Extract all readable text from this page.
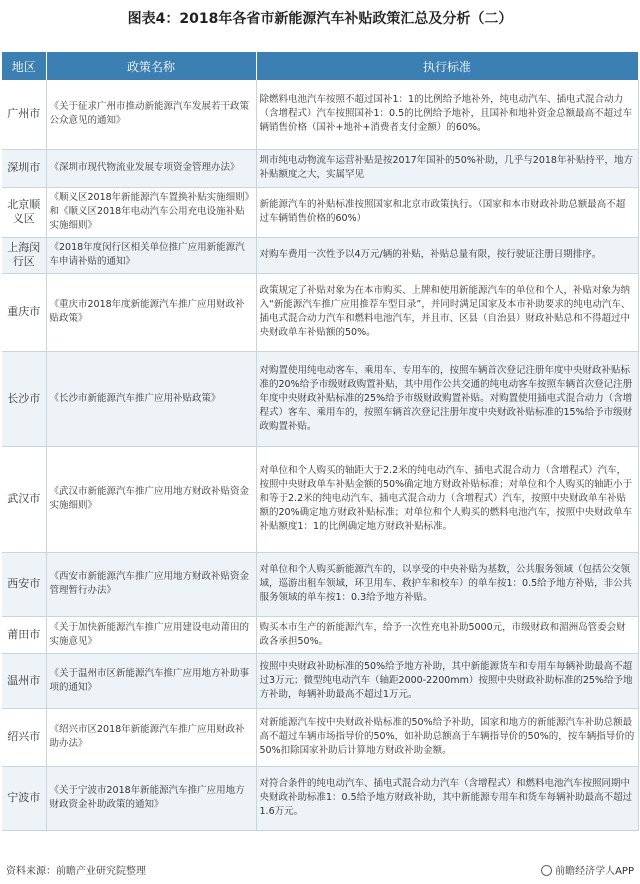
图表4：2018年各省市新能源汽车补贴政策汇总及分析（二）
地区	政策名称	执行标准
广州市	《关于征求广州市推动新能源汽车发展若干政策公众意见的通知》	除燃料电池汽车按照不超过国补1：1的比例给予地补外，纯电动汽车、插电式混合动力（含增程式）汽车按照国补1：0.5的比例给予地补，且国补和地补资金总额最高不超过车辆销售价格（国补+地补+消费者支付金额）的60%。
深圳市	《深圳市现代物流业发展专项资金管理办法》	圳市纯电动物流车运营补贴是按2017年国补的50%补助，几乎与2018年补贴持平，地方补贴额度之大，实属罕见
北京顺义区	《顺义区2018年新能源汽车置换补贴实施细则》和《顺义区2018年电动汽车公用充电设施补贴实施细则》	新能源汽车的补贴标准按照国家和北京市政策执行。（国家和本市财政补助总额最高不超过车辆销售价格的60%）
上海闵行区	《2018年度闵行区相关单位推广应用新能源汽车申请补贴的通知》	对购车费用一次性予以4万元/辆的补贴，补贴总量有限，按行驶证注册日期排序。
重庆市	《重庆市2018年度新能源汽车推广应用财政补贴政策》	政策规定了补贴对象为在本市购买、上牌和使用新能源汽车的单位和个人，补贴对象为纳入“新能源汽车推广应用推荐车型目录”，并同时满足国家及本市补助要求的纯电动汽车、插电式混合动力汽车和燃料电池汽车，并且市、区县（自治县）财政补贴总和不得超过中央财政单车补贴额的50%。
长沙市	《长沙市新能源汽车推广应用补贴政策》	对购置使用纯电动客车、乘用车、专用车的，按照车辆首次登记注册年度中央财政补贴标准的20%给予市级财政购置补贴，其中用作公共交通的纯电动客车按照车辆首次登记注册年度中央财政补贴标准的25%给予市级财政购置补贴。对购置使用插电式混合动力（含增程式）客车、乘用车的，按照车辆首次登记注册年度中央财政补贴标准的15%给予市级财政购置补贴。
武汉市	《武汉市新能源汽车推广应用地方财政补贴资金实施细则》	对单位和个人购买的轴距大于2.2米的纯电动汽车、插电式混合动力（含增程式）汽车，按照中央财政单车补贴金额的50%确定地方财政补贴标准；对单位和个人购买的轴距小于和等于2.2米的纯电动汽车、插电式混合动力（含增程式）汽车，按照中央财政单车补贴额的20%确定地方财政补贴标准；对单位和个人购买的燃料电池汽车，按照中央财政单车补贴额度1：1的比例确定地方财政补贴标准。
西安市	《西安市新能源汽车推广应用地方财政补贴资金管理暂行办法》	对单位和个人购买新能源汽车的，以享受的中央补贴为基数，公共服务领域（包括公交领域，巡游出租车领域，环卫用车、救护车和校车）的单车按1：0.5给予地方补贴，非公共服务领域的单车按1：0.3给予地方补贴。
莆田市	《关于加快新能源汽车推广应用建设电动莆田的实施意见》	购买本市生产的新能源汽车，给予一次性充电补助5000元，市级财政和湄洲岛管委会财政各承担50%。
温州市	《关于温州市区新能源汽车推广应用地方补助事项的通知》	按照中央财政补助标准的50%给予地方补助，其中新能源货车和专用车每辆补助最高不超过3万元；微型纯电动汽车（轴距2000-2200mm）按照中央财政补助标准的25%给予地方补助，每辆补助最高不超过1万元。
绍兴市	《绍兴市区2018年新能源汽车推广应用财政补助办法》	对新能源汽车按中央财政补贴标准的50%给予补助，国家和地方的新能源汽车补助总额最高不超过车辆市场指导价的50%，如补助总额高于车辆指导价的50%的，按车辆指导价的50%扣除国家补助后计算地方财政补助金额。
宁波市	《关于宁波市2018年新能源汽车推广应用地方财政资金补助政策的通知》	对符合条件的纯电动汽车、插电式混合动力汽车（含增程式）和燃料电池汽车按照同期中央财政补助标准1：0.5给予地方财政补助，其中新能源专用车和货车每辆补助最高不超过1.6万元。
资料来源：前瞻产业研究院整理	前瞻经济学人APP
